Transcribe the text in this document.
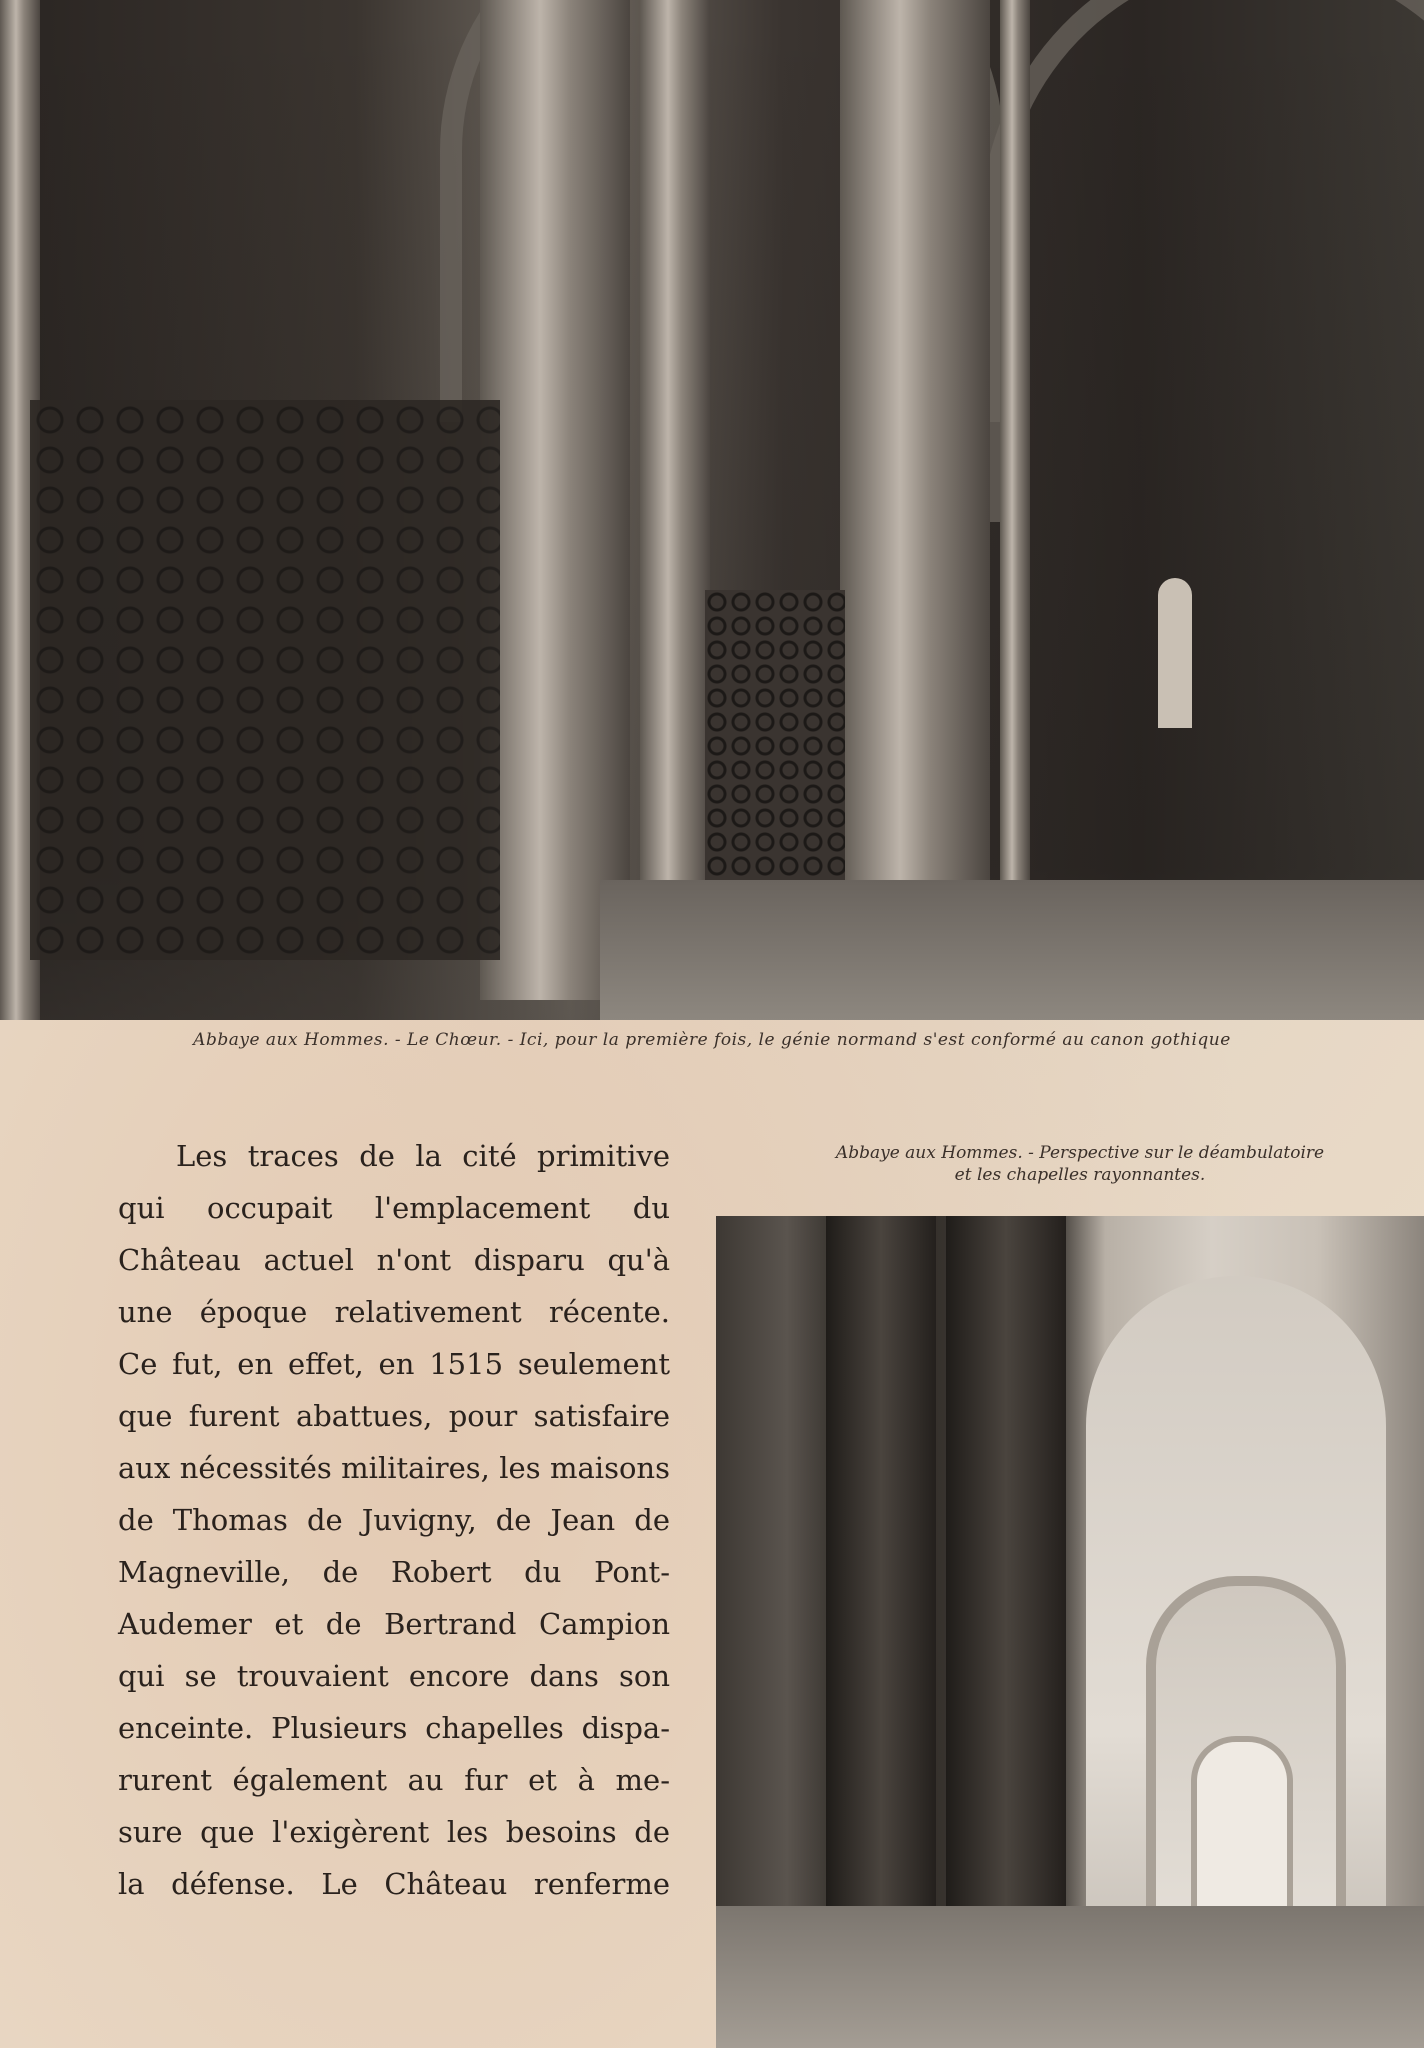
Abbaye aux Hommes. - Le Chœur. - Ici, pour la première fois, le génie normand s'est conformé au canon gothique
Abbaye aux Hommes. - Perspective sur le déambulatoire
et les chapelles rayonnantes.
Les traces de la cité primitive
qui occupait l'emplacement du
Château actuel n'ont disparu qu'à
une époque relativement récente.
Ce fut, en effet, en 1515 seulement
que furent abattues, pour satisfaire
aux nécessités militaires, les maisons
de Thomas de Juvigny, de Jean de
Magneville, de Robert du Pont-
Audemer et de Bertrand Campion
qui se trouvaient encore dans son
enceinte. Plusieurs chapelles dispa-
rurent également au fur et à me-
sure que l'exigèrent les besoins de
la défense. Le Château renferme
